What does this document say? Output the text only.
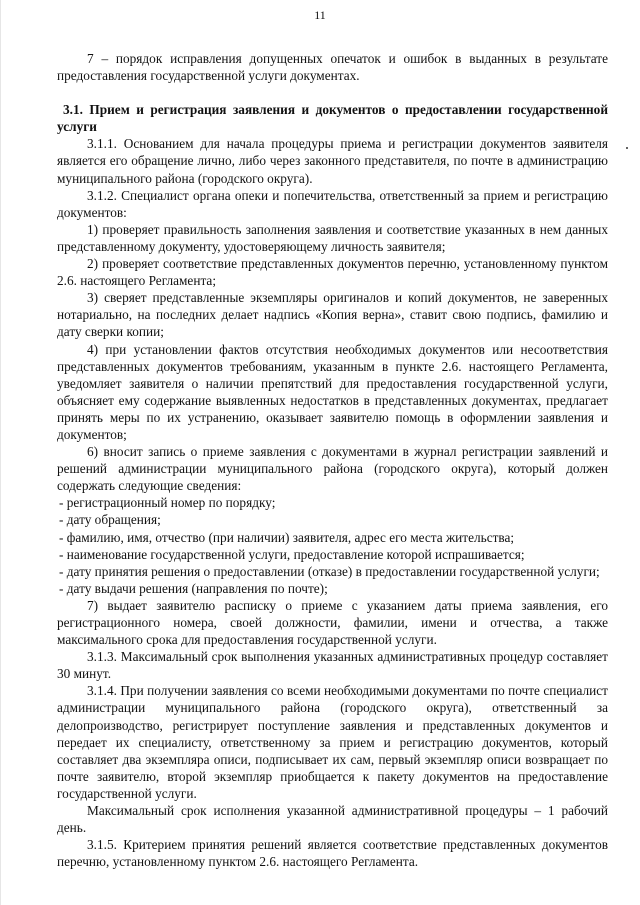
11

7 – порядок исправления допущенных опечаток и ошибок в выданных в результате предоставления государственной услуги документах.

3.1. Прием и регистрация заявления и документов о предоставлении государственной услуги

3.1.1. Основанием для начала процедуры приема и регистрации документов заявителя является его обращение лично, либо через законного представителя, по почте в администрацию муниципального района (городского округа).

3.1.2. Специалист органа опеки и попечительства, ответственный за прием и регистрацию документов:

1) проверяет правильность заполнения заявления и соответствие указанных в нем данных представленному документу, удостоверяющему личность заявителя;

2) проверяет соответствие представленных документов перечню, установленному пунктом 2.6. настоящего Регламента;

3) сверяет представленные экземпляры оригиналов и копий документов, не заверенных нотариально, на последних делает надпись «Копия верна», ставит свою подпись, фамилию и дату сверки копии;

4) при установлении фактов отсутствия необходимых документов или несоответствия представленных документов требованиям, указанным в пункте 2.6. настоящего Регламента, уведомляет заявителя о наличии препятствий для предоставления государственной услуги, объясняет ему содержание выявленных недостатков в представленных документах, предлагает принять меры по их устранению, оказывает заявителю помощь в оформлении заявления и документов;

6) вносит запись о приеме заявления с документами в журнал регистрации заявлений и решений администрации муниципального района (городского округа), который должен содержать следующие сведения:

- регистрационный номер по порядку;

- дату обращения;

- фамилию, имя, отчество (при наличии) заявителя, адрес его места жительства;

- наименование государственной услуги, предоставление которой испрашивается;

- дату принятия решения о предоставлении (отказе) в предоставлении государственной услуги;

- дату выдачи решения (направления по почте);

7) выдает заявителю расписку о приеме с указанием даты приема заявления, его регистрационного номера, своей должности, фамилии, имени и отчества, а также максимального срока для предоставления государственной услуги.

3.1.3. Максимальный срок выполнения указанных административных процедур составляет 30 минут.

3.1.4. При получении заявления со всеми необходимыми документами по почте специалист администрации муниципального района (городского округа), ответственный за делопроизводство, регистрирует поступление заявления и представленных документов и передает их специалисту, ответственному за прием и регистрацию документов, который составляет два экземпляра описи, подписывает их сам, первый экземпляр описи возвращает по почте заявителю, второй экземпляр приобщается к пакету документов на предоставление государственной услуги.

Максимальный срок исполнения указанной административной процедуры – 1 рабочий день.

3.1.5. Критерием принятия решений является соответствие представленных документов перечню, установленному пунктом 2.6. настоящего Регламента.
